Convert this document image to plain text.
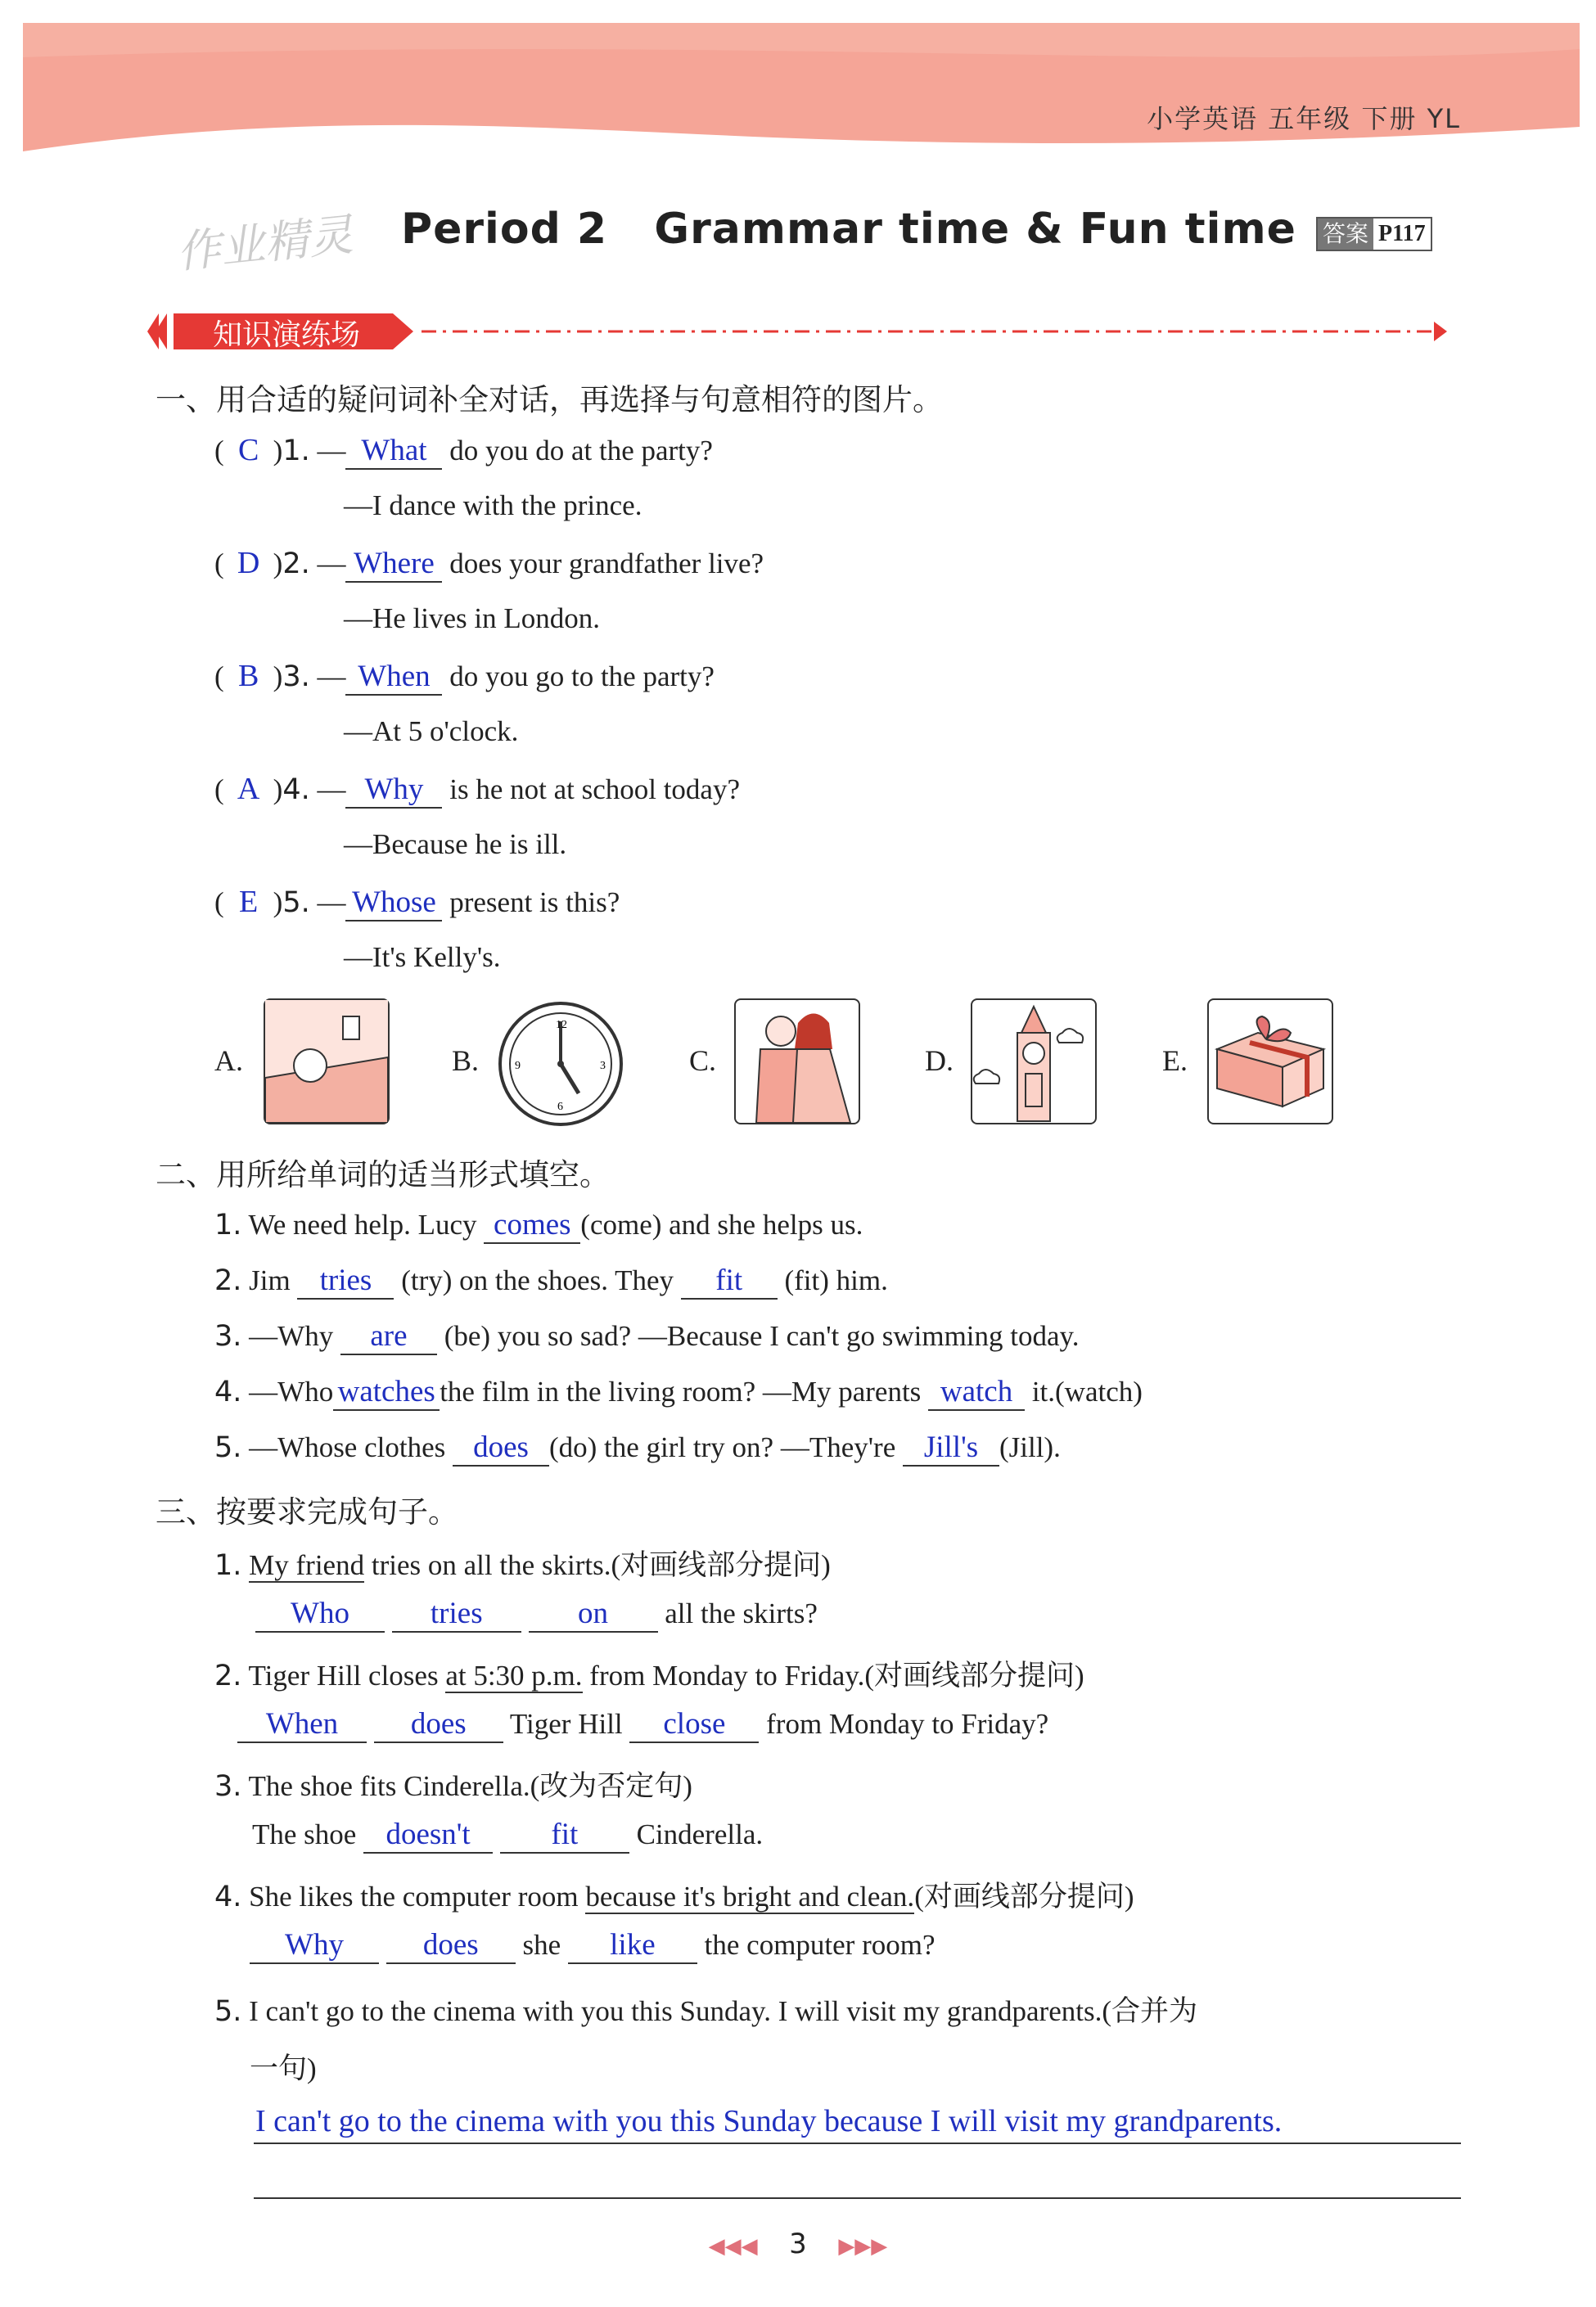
小学英语 五年级 下册 YL
作业精灵 Period 2   Grammar time & Fun time 答案 P117
知识演练场
一、用合适的疑问词补全对话，再选择与句意相符的图片。
( C )1. — What do you do at the party?
—I dance with the prince.
( D )2. — Where does your grandfather live?
—He lives in London.
( B )3. — When do you go to the party?
—At 5 o'clock.
( A )4. — Why is he not at school today?
—Because he is ill.
( E )5. — Whose present is this?
—It's Kelly's.
A.	B.
12
3
6
9	C.	D.	E.
二、用所给单词的适当形式填空。
1. We need help. Lucy comes (come) and she helps us.
2. Jim tries (try) on the shoes. They fit (fit) him.
3. —Why are (be) you so sad? —Because I can't go swimming today.
4. —Who watches the film in the living room? —My parents watch it.(watch)
5. —Whose clothes does (do) the girl try on? —They're Jill's (Jill).
三、按要求完成句子。
1. My friend tries on all the skirts.(对画线部分提问)
Who	tries	on all the skirts?
2. Tiger Hill closes at 5:30 p.m. from Monday to Friday.(对画线部分提问)
When does Tiger Hill close from Monday to Friday?
3. The shoe fits Cinderella.(改为否定句)
The shoe doesn't	fit Cinderella.
4. She likes the computer room because it's bright and clean.(对画线部分提问)
Why	does she like the computer room?
5. I can't go to the cinema with you this Sunday. I will visit my grandparents.(合并为
一句)
I can't go to the cinema with you this Sunday because I will visit my grandparents.
◀◀◀ 3 ▶▶▶
